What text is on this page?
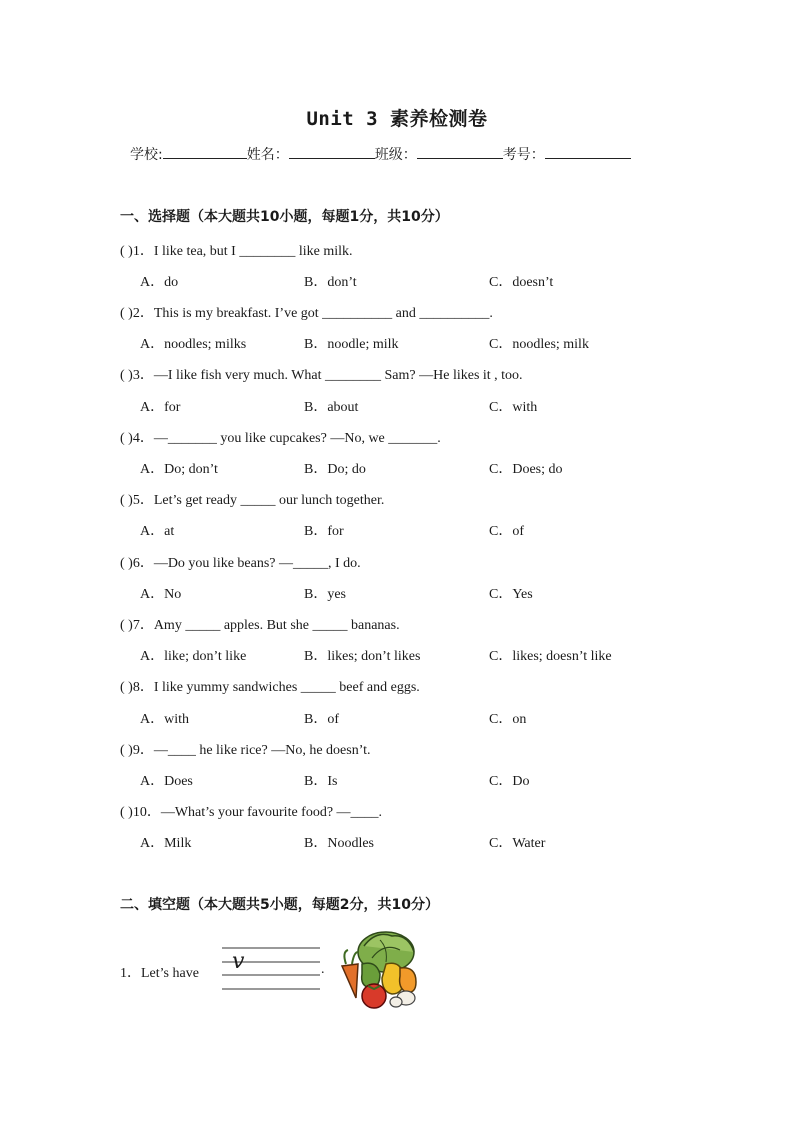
Unit 3 素养检测卷
学校:	姓名：	班级：	考号：
一、选择题（本大题共10小题，每题1分，共10分）
( )1．I like tea, but I ________ like milk.
A．do	B．don’t	C．doesn’t
( )2．This is my breakfast. I’ve got __________ and __________.
A．noodles; milks	B．noodle; milk	C．noodles; milk
( )3．—I like fish very much. What ________ Sam? —He likes it , too.
A．for	B．about	C．with
( )4．—_______ you like cupcakes? —No, we _______.
A．Do; don’t	B．Do; do	C．Does; do
( )5．Let’s get ready _____ our lunch together.
A．at	B．for	C．of
( )6．—Do you like beans? —_____, I do.
A．No	B．yes	C．Yes
( )7．Amy _____ apples. But she _____ bananas.
A．like; don’t like	B．likes; don’t likes	C．likes; doesn’t like
( )8．I like yummy sandwiches _____ beef and eggs.
A．with	B．of	C．on
( )9．—____ he like rice? —No, he doesn’t.
A．Does	B．Is	C．Do
( )10．—What’s your favourite food? —____.
A．Milk	B．Noodles	C．Water
二、填空题（本大题共5小题，每题2分，共10分）
1．Let’s have v	.
